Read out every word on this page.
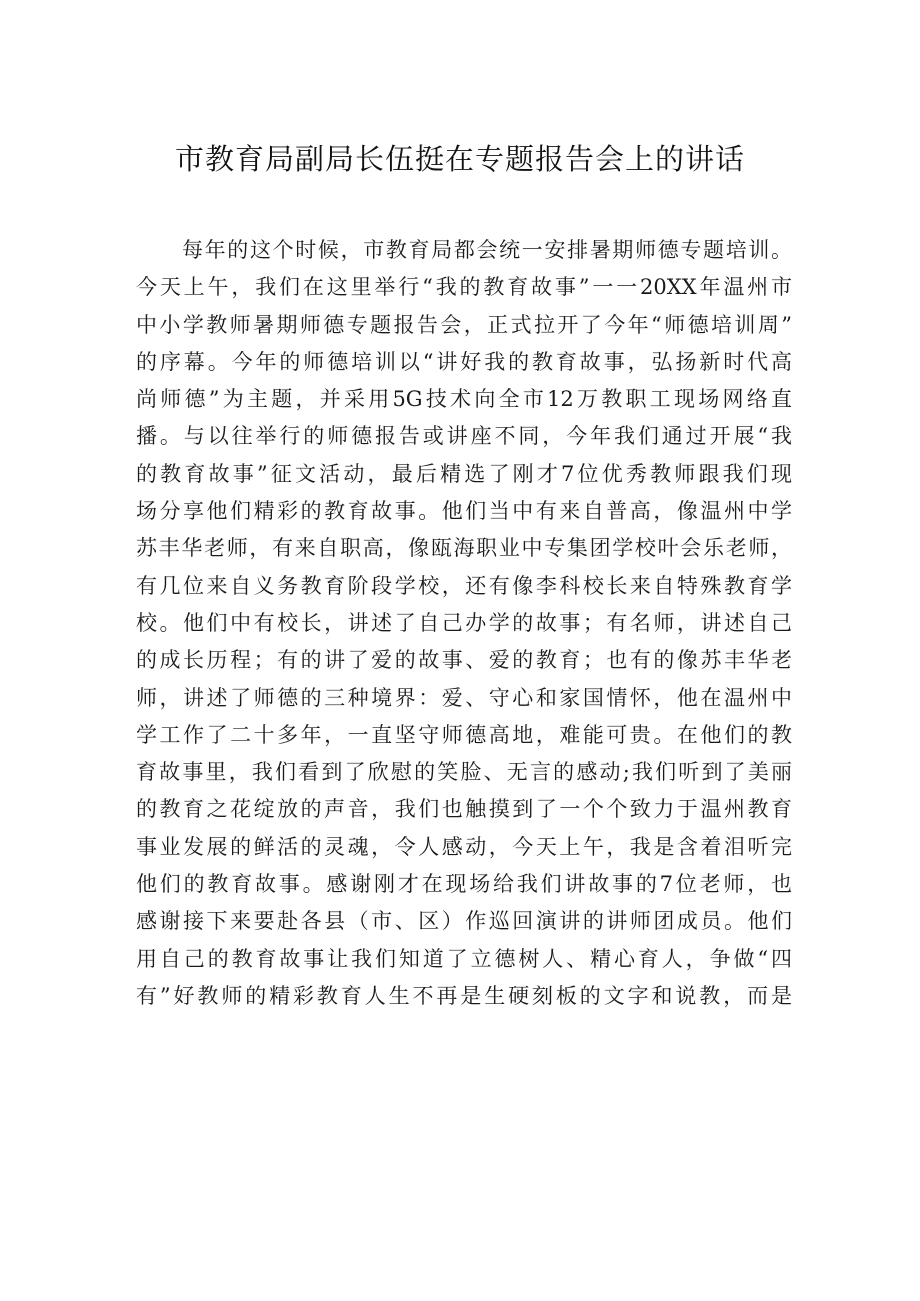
市教育局副局长伍挺在专题报告会上的讲话
每年的这个时候，市教育局都会统一安排暑期师德专题培训。
今天上午，我们在这里举行“我的教育故事”一一20XX年温州市
中小学教师暑期师德专题报告会，正式拉开了今年“师德培训周”
的序幕。今年的师德培训以“讲好我的教育故事，弘扬新时代高
尚师德”为主题，并采用5G技术向全市12万教职工现场网络直
播。与以往举行的师德报告或讲座不同，今年我们通过开展“我
的教育故事”征文活动，最后精选了刚才7位优秀教师跟我们现
场分享他们精彩的教育故事。他们当中有来自普高，像温州中学
苏丰华老师，有来自职高，像瓯海职业中专集团学校叶会乐老师，
有几位来自义务教育阶段学校，还有像李科校长来自特殊教育学
校。他们中有校长，讲述了自己办学的故事；有名师，讲述自己
的成长历程；有的讲了爱的故事、爱的教育；也有的像苏丰华老
师，讲述了师德的三种境界：爱、守心和家国情怀，他在温州中
学工作了二十多年，一直坚守师德高地，难能可贵。在他们的教
育故事里，我们看到了欣慰的笑脸、无言的感动;我们听到了美丽
的教育之花绽放的声音，我们也触摸到了一个个致力于温州教育
事业发展的鲜活的灵魂，令人感动，今天上午，我是含着泪听完
他们的教育故事。感谢刚才在现场给我们讲故事的7位老师，也
感谢接下来要赴各县（市、区）作巡回演讲的讲师团成员。他们
用自己的教育故事让我们知道了立德树人、精心育人，争做“四
有”好教师的精彩教育人生不再是生硬刻板的文字和说教，而是
